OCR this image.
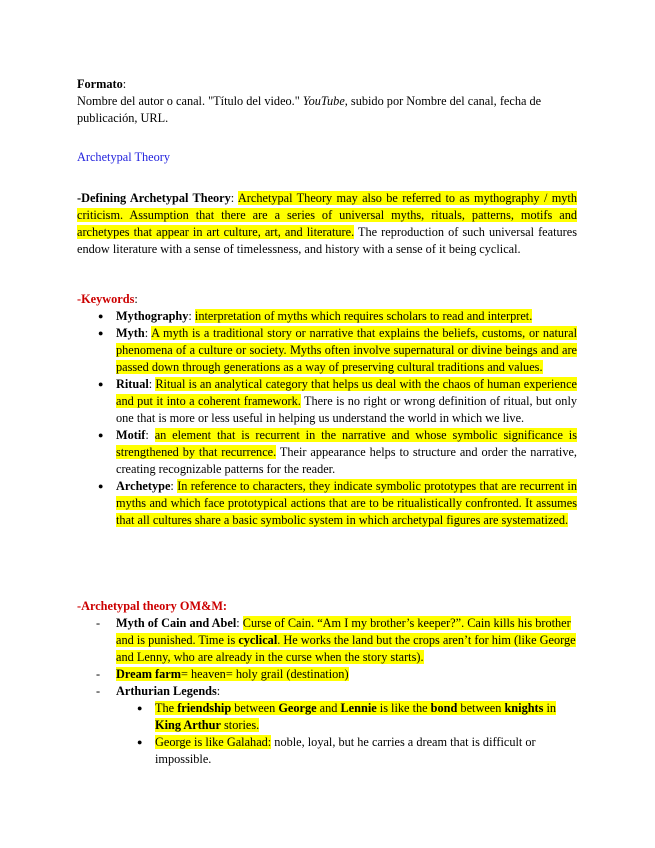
Formato:
Nombre del autor o canal. "Título del video." YouTube, subido por Nombre del canal, fecha de publicación, URL.
Archetypal Theory
-Defining Archetypal Theory: Archetypal Theory may also be referred to as mythography / myth criticism. Assumption that there are a series of universal myths, rituals, patterns, motifs and archetypes that appear in art culture, art, and literature. The reproduction of such universal features endow literature with a sense of timelessness, and history with a sense of it being cyclical.
-Keywords:
● Mythography: interpretation of myths which requires scholars to read and interpret.
● Myth: A myth is a traditional story or narrative that explains the beliefs, customs, or natural phenomena of a culture or society. Myths often involve supernatural or divine beings and are passed down through generations as a way of preserving cultural traditions and values.
● Ritual: Ritual is an analytical category that helps us deal with the chaos of human experience and put it into a coherent framework. There is no right or wrong definition of ritual, but only one that is more or less useful in helping us understand the world in which we live.
● Motif: an element that is recurrent in the narrative and whose symbolic significance is strengthened by that recurrence. Their appearance helps to structure and order the narrative, creating recognizable patterns for the reader.
● Archetype: In reference to characters, they indicate symbolic prototypes that are recurrent in myths and which face prototypical actions that are to be ritualistically confronted. It assumes that all cultures share a basic symbolic system in which archetypal figures are systematized.
-Archetypal theory OM&M:
- Myth of Cain and Abel: Curse of Cain. “Am I my brother’s keeper?”. Cain kills his brother and is punished. Time is cyclical. He works the land but the crops aren’t for him (like George and Lenny, who are already in the curse when the story starts).
- Dream farm= heaven= holy grail (destination)
- Arthurian Legends:
● The friendship between George and Lennie is like the bond between knights in King Arthur stories.
● George is like Galahad: noble, loyal, but he carries a dream that is difficult or impossible.
